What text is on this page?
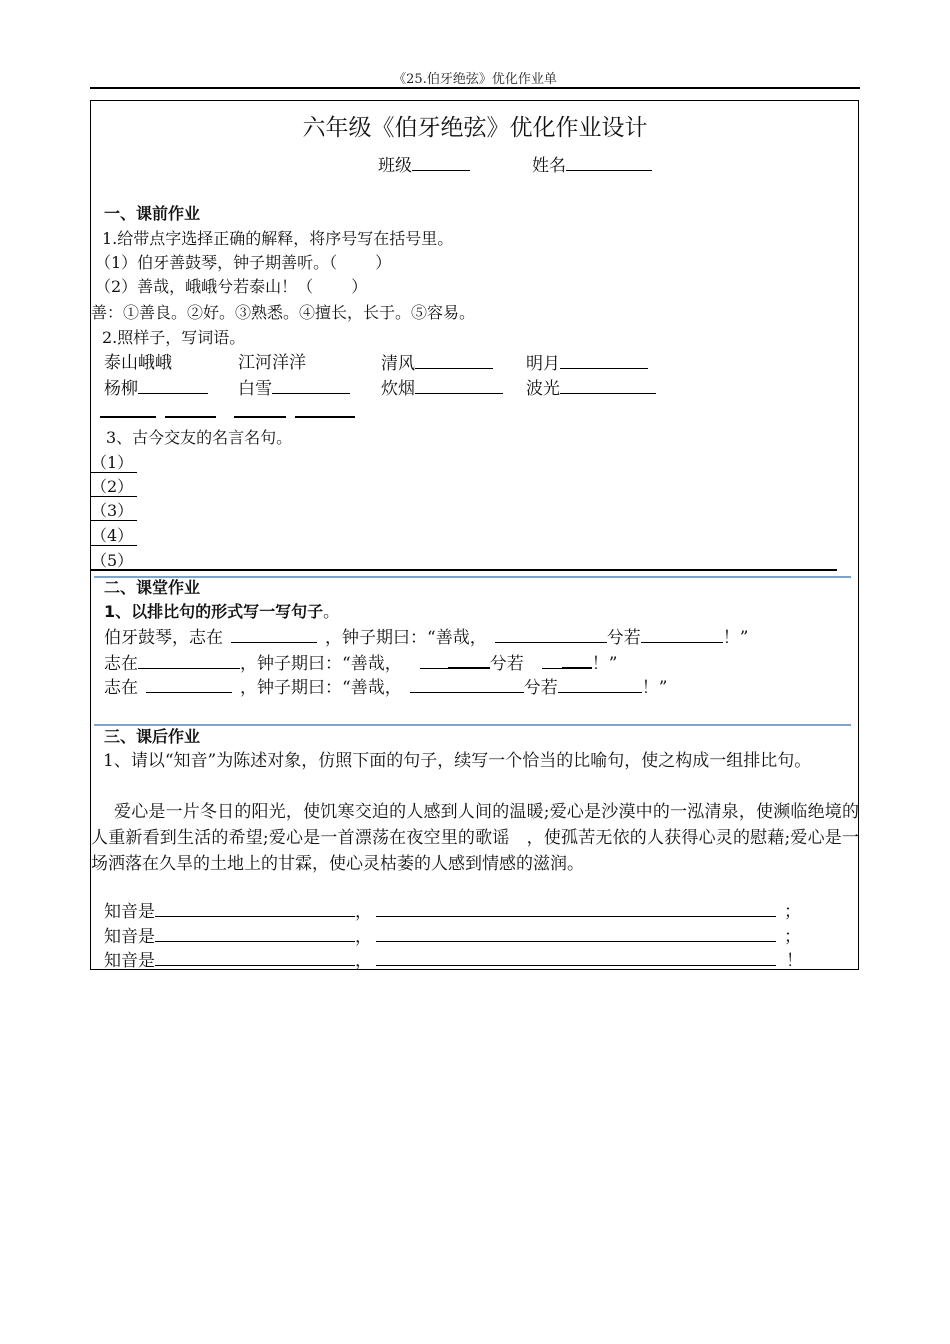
《25.伯牙绝弦》优化作业单
六年级《伯牙绝弦》优化作业设计
班级	姓名
一、课前作业
1.给带点字选择正确的解释，将序号写在括号里。
（1）伯牙善鼓琴，钟子期善听。（ ）
（2）善哉，峨峨兮若泰山！（ ）
善：①善良。②好。③熟悉。④擅长，长于。⑤容易。
2.照样子，写词语。
泰山峨峨	江河洋洋	清风	明月
杨柳	白雪	炊烟	波光
3、古今交友的名言名句。
（1）
（2）
（3）
（4）
（5）
二、课堂作业
1、以排比句的形式写一写句子。
伯牙鼓琴，志在	，钟子期曰：“善哉，	兮若	！”
志在	，钟子期曰：“善哉，	兮若	！”
志在	，钟子期曰：“善哉，	兮若	！”
三、课后作业
1、请以“知音”为陈述对象，仿照下面的句子，续写一个恰当的比喻句，使之构成一组排比句。
爱心是一片冬日的阳光，使饥寒交迫的人感到人间的温暖;爱心是沙漠中的一泓清泉，使濒临绝境的人重新看到生活的希望;爱心是一首漂荡在夜空里的歌谣　，使孤苦无依的人获得心灵的慰藉;爱心是一场洒落在久旱的土地上的甘霖，使心灵枯萎的人感到情感的滋润。
知音是	，	；
知音是	，	；
知音是	，	！
